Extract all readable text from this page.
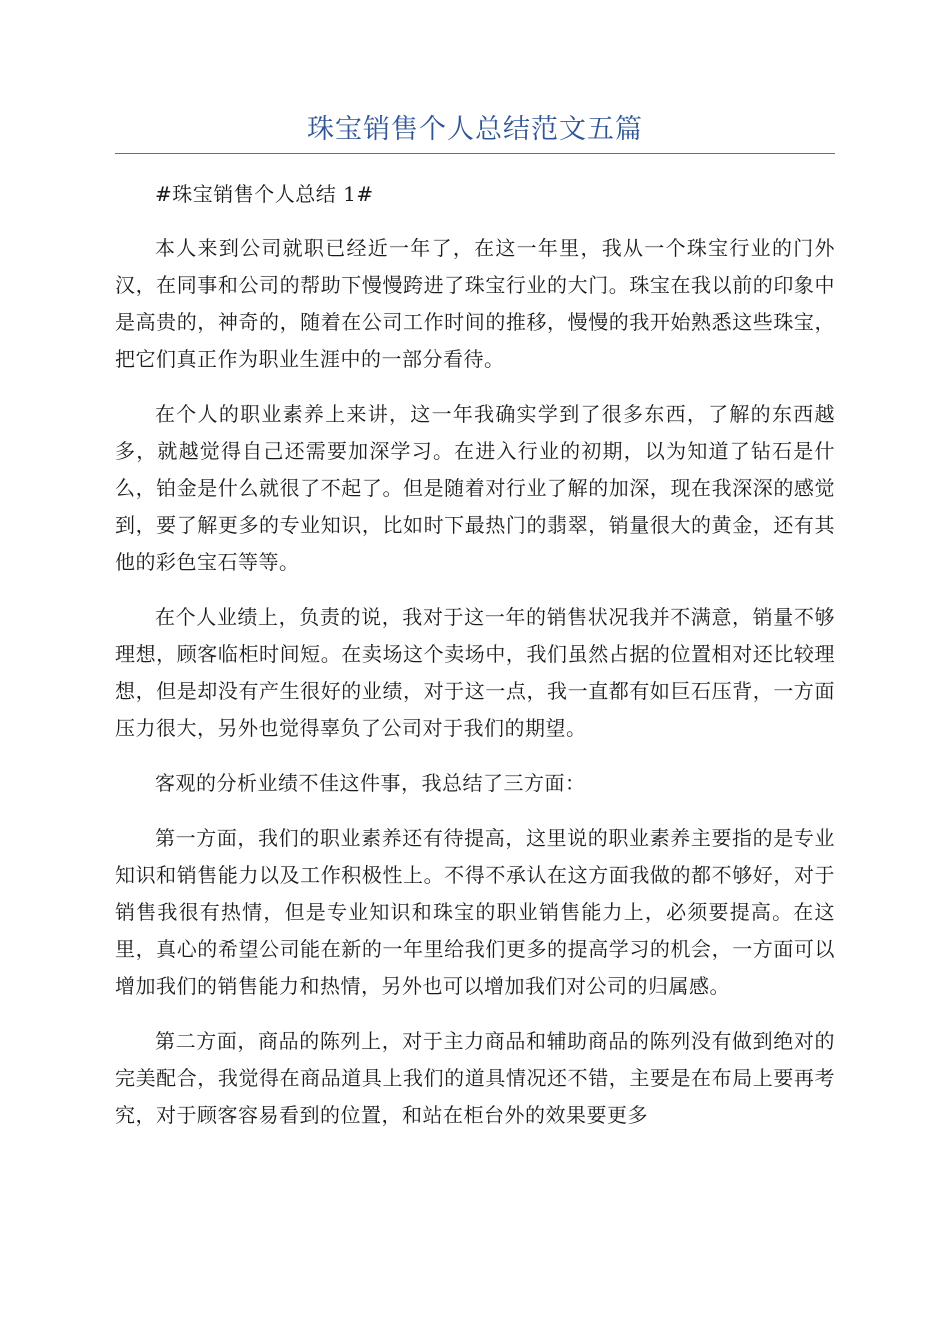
珠宝销售个人总结范文五篇

#珠宝销售个人总结 1#

本人来到公司就职已经近一年了，在这一年里，我从一个珠宝行业的门外汉，在同事和公司的帮助下慢慢跨进了珠宝行业的大门。珠宝在我以前的印象中是高贵的，神奇的，随着在公司工作时间的推移，慢慢的我开始熟悉这些珠宝，把它们真正作为职业生涯中的一部分看待。

在个人的职业素养上来讲，这一年我确实学到了很多东西，了解的东西越多，就越觉得自己还需要加深学习。在进入行业的初期，以为知道了钻石是什么，铂金是什么就很了不起了。但是随着对行业了解的加深，现在我深深的感觉到，要了解更多的专业知识，比如时下最热门的翡翠，销量很大的黄金，还有其他的彩色宝石等等。

在个人业绩上，负责的说，我对于这一年的销售状况我并不满意，销量不够理想，顾客临柜时间短。在卖场这个卖场中，我们虽然占据的位置相对还比较理想，但是却没有产生很好的业绩，对于这一点，我一直都有如巨石压背，一方面压力很大，另外也觉得辜负了公司对于我们的期望。

客观的分析业绩不佳这件事，我总结了三方面：

第一方面，我们的职业素养还有待提高，这里说的职业素养主要指的是专业知识和销售能力以及工作积极性上。不得不承认在这方面我做的都不够好，对于销售我很有热情，但是专业知识和珠宝的职业销售能力上，必须要提高。在这里，真心的希望公司能在新的一年里给我们更多的提高学习的机会，一方面可以增加我们的销售能力和热情，另外也可以增加我们对公司的归属感。

第二方面，商品的陈列上，对于主力商品和辅助商品的陈列没有做到绝对的完美配合，我觉得在商品道具上我们的道具情况还不错，主要是在布局上要再考究，对于顾客容易看到的位置，和站在柜台外的效果要更多
